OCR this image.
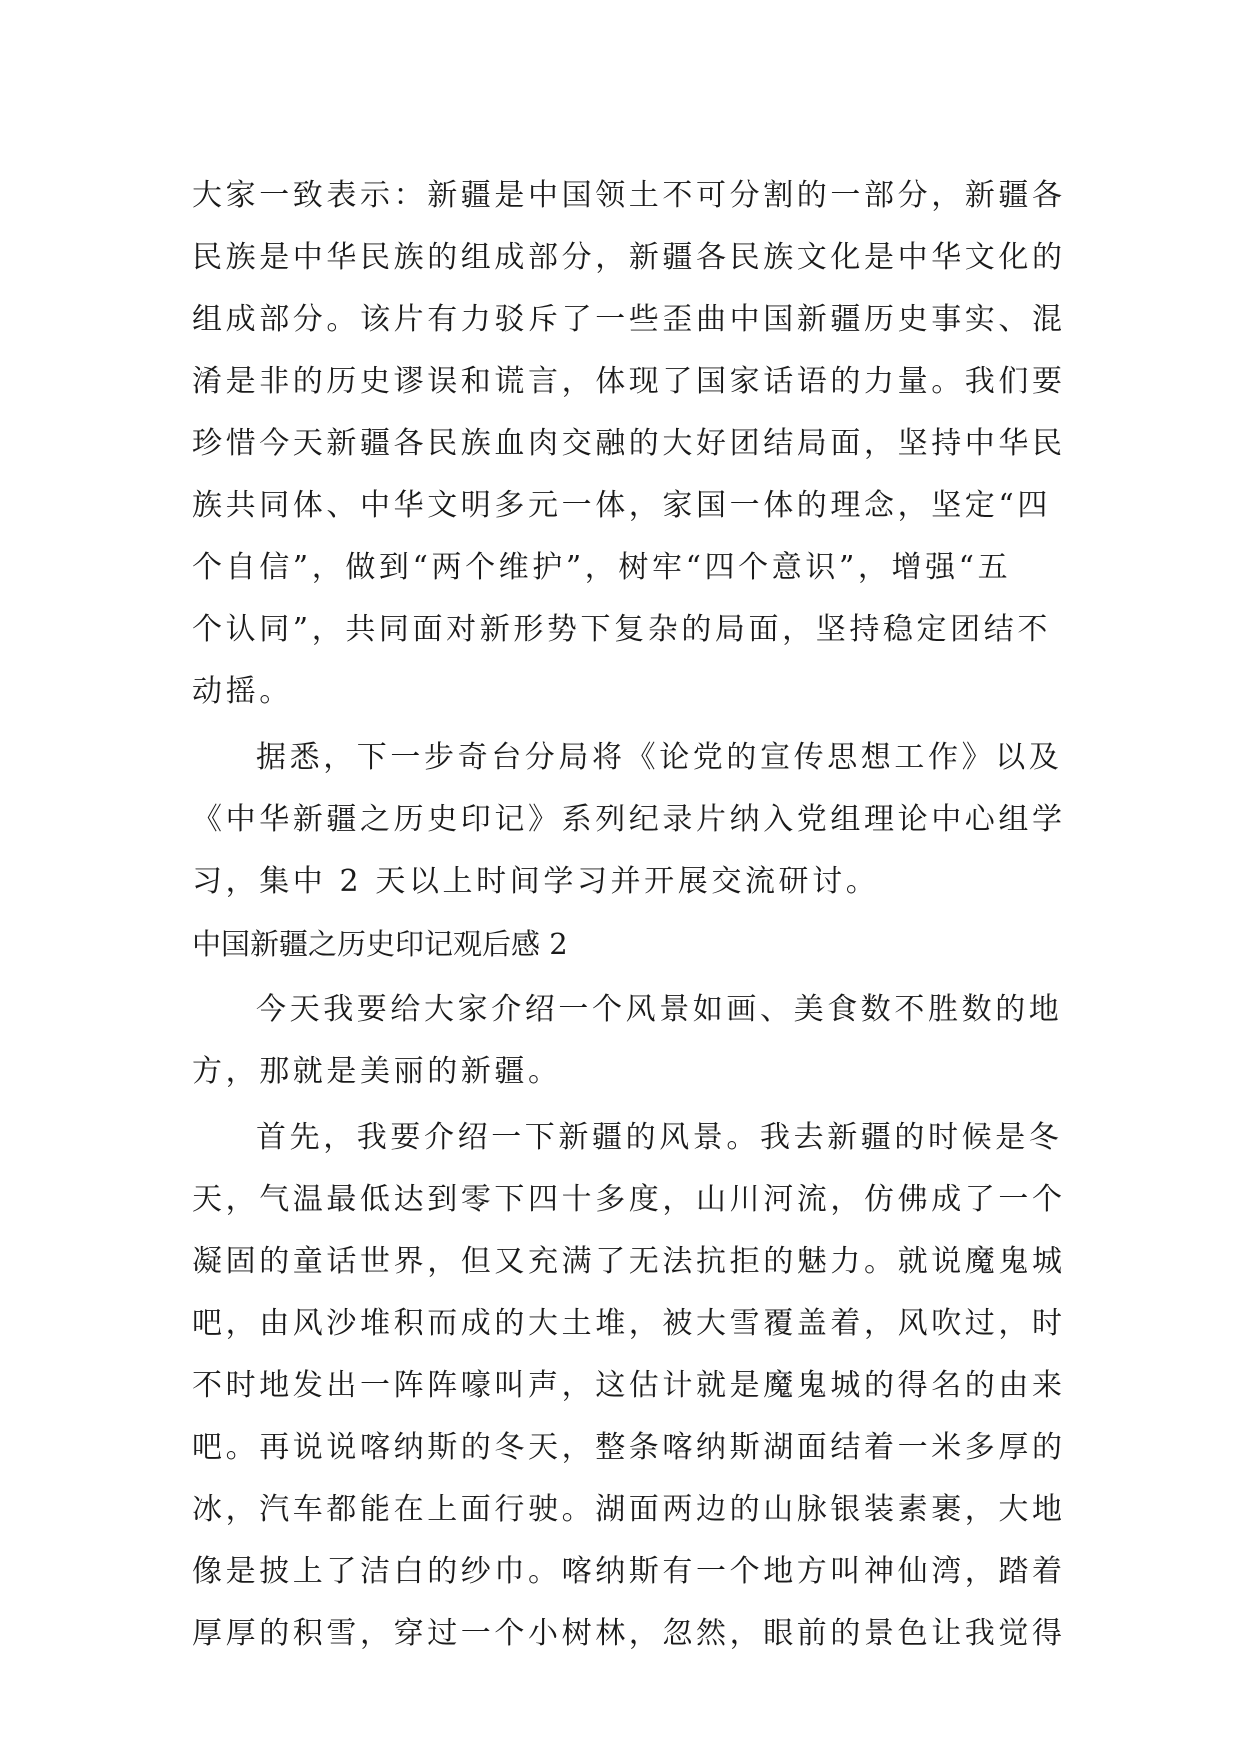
大家一致表示：新疆是中国领土不可分割的一部分，新疆各
民族是中华民族的组成部分，新疆各民族文化是中华文化的
组成部分。该片有力驳斥了一些歪曲中国新疆历史事实、混
淆是非的历史谬误和谎言，体现了国家话语的力量。我们要
珍惜今天新疆各民族血肉交融的大好团结局面，坚持中华民
族共同体、中华文明多元一体，家国一体的理念，坚定“四
个自信”，做到“两个维护”，树牢“四个意识”，增强“五
个认同”，共同面对新形势下复杂的局面，坚持稳定团结不
动摇。
据悉，下一步奇台分局将《论党的宣传思想工作》以及
《中华新疆之历史印记》系列纪录片纳入党组理论中心组学
习，集中 2 天以上时间学习并开展交流研讨。
中国新疆之历史印记观后感 2
今天我要给大家介绍一个风景如画、美食数不胜数的地
方，那就是美丽的新疆。
首先，我要介绍一下新疆的风景。我去新疆的时候是冬
天，气温最低达到零下四十多度，山川河流，仿佛成了一个
凝固的童话世界，但又充满了无法抗拒的魅力。就说魔鬼城
吧，由风沙堆积而成的大土堆，被大雪覆盖着，风吹过，时
不时地发出一阵阵嚎叫声，这估计就是魔鬼城的得名的由来
吧。再说说喀纳斯的冬天，整条喀纳斯湖面结着一米多厚的
冰，汽车都能在上面行驶。湖面两边的山脉银装素裹，大地
像是披上了洁白的纱巾。喀纳斯有一个地方叫神仙湾，踏着
厚厚的积雪，穿过一个小树林，忽然，眼前的景色让我觉得
